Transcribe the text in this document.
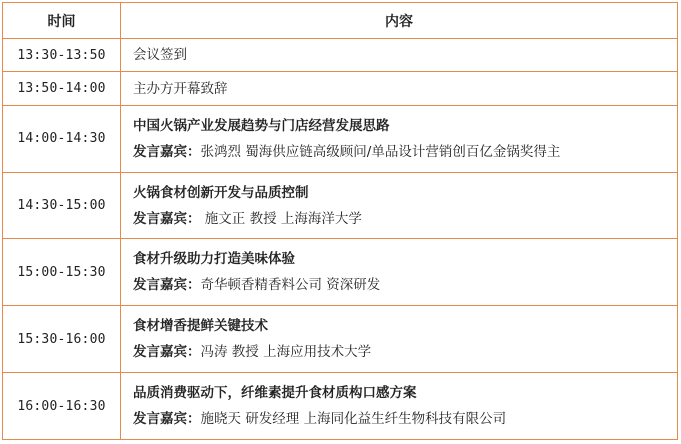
时间	内容
13:30-13:50	会议签到

13:50-14:00	主办方开幕致辞

14:00-14:30	中国火锅产业发展趋势与门店经营发展思路
发言嘉宾：张鸿烈 蜀海供应链高级顾问/单品设计营销创百亿金锅奖得主

14:30-15:00	火锅食材创新开发与品质控制
发言嘉宾： 施文正 教授 上海海洋大学

15:00-15:30	食材升级助力打造美味体验
发言嘉宾：奇华顿香精香料公司 资深研发

15:30-16:00	食材增香提鲜关键技术
发言嘉宾：冯涛 教授 上海应用技术大学

16:00-16:30	品质消费驱动下，纤维素提升食材质构口感方案
发言嘉宾：施晓天 研发经理 上海同化益生纤生物科技有限公司
